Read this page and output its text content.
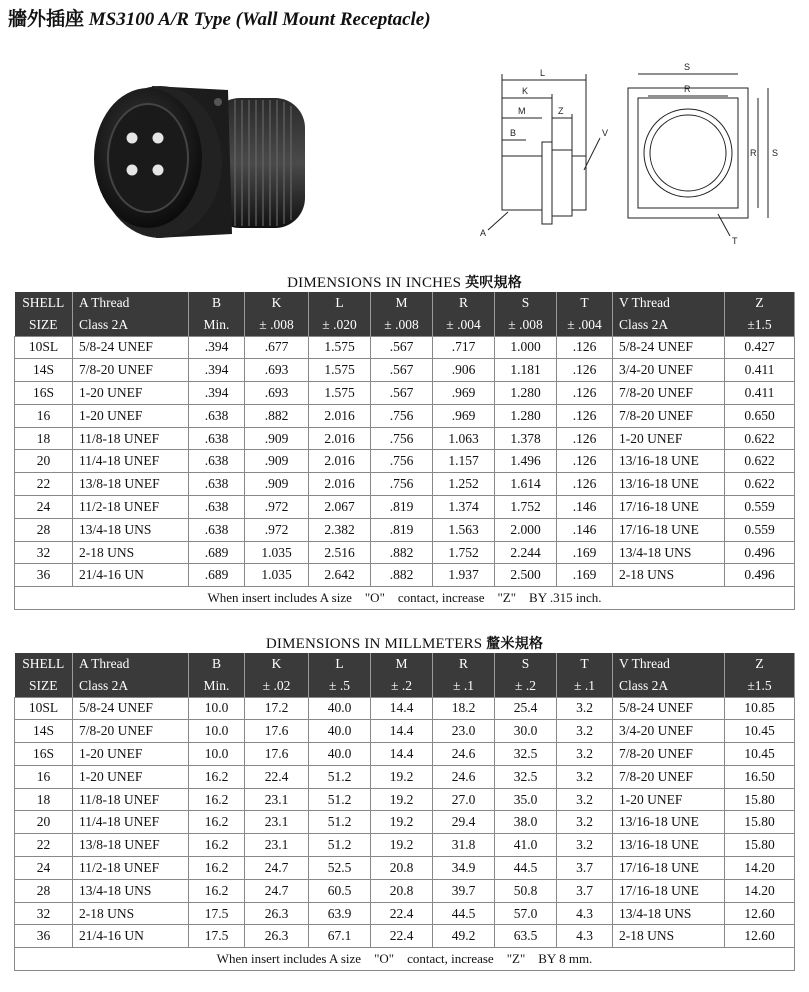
牆外插座 MS3100 A/R Type (Wall Mount Receptacle)
L
K
M	Z
B	V
A
S
R
R S
T
DIMENSIONS IN INCHES 英呎規格
SHELL	A Thread	B	K	L	M	R	S	T	V Thread	Z
SIZE	Class 2A	Min.	± .008	± .020	± .008	± .004	± .008	± .004	Class 2A	±1.5
10SL	5/8-24 UNEF	.394	.677	1.575	.567	.717	1.000	.126	5/8-24 UNEF	0.427
14S	7/8-20 UNEF	.394	.693	1.575	.567	.906	1.181	.126	3/4-20 UNEF	0.411
16S	1-20 UNEF	.394	.693	1.575	.567	.969	1.280	.126	7/8-20 UNEF	0.411
16	1-20 UNEF	.638	.882	2.016	.756	.969	1.280	.126	7/8-20 UNEF	0.650
18	11/8-18 UNEF	.638	.909	2.016	.756	1.063	1.378	.126	1-20 UNEF	0.622
20	11/4-18 UNEF	.638	.909	2.016	.756	1.157	1.496	.126	13/16-18 UNE	0.622
22	13/8-18 UNEF	.638	.909	2.016	.756	1.252	1.614	.126	13/16-18 UNE	0.622
24	11/2-18 UNEF	.638	.972	2.067	.819	1.374	1.752	.146	17/16-18 UNE	0.559
28	13/4-18 UNS	.638	.972	2.382	.819	1.563	2.000	.146	17/16-18 UNE	0.559
32	2-18 UNS	.689	1.035	2.516	.882	1.752	2.244	.169	13/4-18 UNS	0.496
36	21/4-16 UN	.689	1.035	2.642	.882	1.937	2.500	.169	2-18 UNS	0.496
When insert includes A size    "O"    contact, increase    "Z"    BY .315 inch.										
DIMENSIONS IN MILLMETERS 釐米規格
SHELL	A Thread	B	K	L	M	R	S	T	V Thread	Z
SIZE	Class 2A	Min.	± .02	± .5	± .2	± .1	± .2	± .1	Class 2A	±1.5
10SL	5/8-24 UNEF	10.0	17.2	40.0	14.4	18.2	25.4	3.2	5/8-24 UNEF	10.85
14S	7/8-20 UNEF	10.0	17.6	40.0	14.4	23.0	30.0	3.2	3/4-20 UNEF	10.45
16S	1-20 UNEF	10.0	17.6	40.0	14.4	24.6	32.5	3.2	7/8-20 UNEF	10.45
16	1-20 UNEF	16.2	22.4	51.2	19.2	24.6	32.5	3.2	7/8-20 UNEF	16.50
18	11/8-18 UNEF	16.2	23.1	51.2	19.2	27.0	35.0	3.2	1-20 UNEF	15.80
20	11/4-18 UNEF	16.2	23.1	51.2	19.2	29.4	38.0	3.2	13/16-18 UNE	15.80
22	13/8-18 UNEF	16.2	23.1	51.2	19.2	31.8	41.0	3.2	13/16-18 UNE	15.80
24	11/2-18 UNEF	16.2	24.7	52.5	20.8	34.9	44.5	3.7	17/16-18 UNE	14.20
28	13/4-18 UNS	16.2	24.7	60.5	20.8	39.7	50.8	3.7	17/16-18 UNE	14.20
32	2-18 UNS	17.5	26.3	63.9	22.4	44.5	57.0	4.3	13/4-18 UNS	12.60
36	21/4-16 UN	17.5	26.3	67.1	22.4	49.2	63.5	4.3	2-18 UNS	12.60
When insert includes A size    "O"    contact, increase    "Z"    BY 8 mm.										
